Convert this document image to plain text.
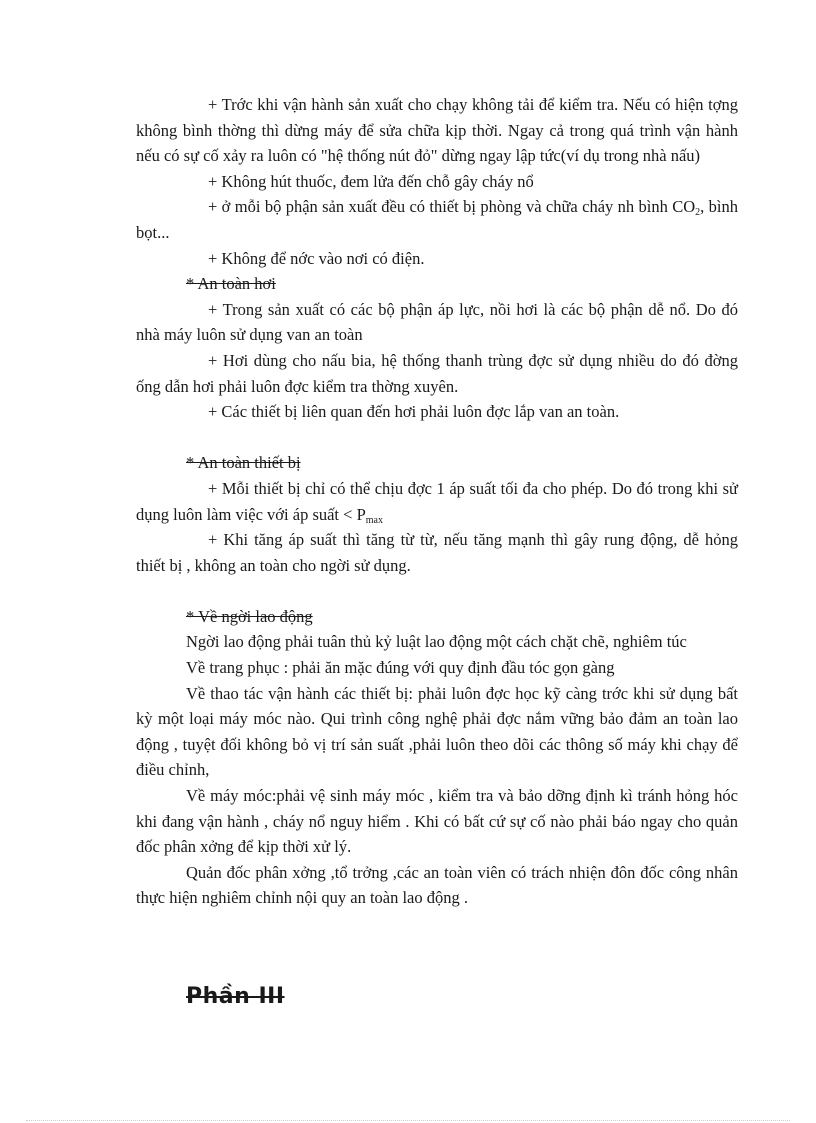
+ Trớc khi vận hành sản xuất cho chạy không tải để kiểm tra. Nếu có hiện tợng không bình thờng thì dừng máy để sửa chữa kịp thời. Ngay cả trong quá trình vận hành nếu có sự cố xảy ra luôn có "hệ thống nút đỏ" dừng ngay lập tức(ví dụ trong nhà nấu)

+ Không hút thuốc, đem lửa đến chỗ gây cháy nổ

+ ở mỗi bộ phận sản xuất đều có thiết bị phòng và chữa cháy nh bình $CO_2$, bình bọt...

+ Không để nớc vào nơi có điện.

* An toàn hơi

+ Trong sản xuất có các bộ phận áp lực, nồi hơi là các bộ phận dễ nổ. Do đó nhà máy luôn sử dụng van an toàn

+ Hơi dùng cho nấu bia, hệ thống thanh trùng đợc sử dụng nhiều do đó đờng ống dẫn hơi phải luôn đợc kiểm tra thờng xuyên.

+ Các thiết bị liên quan đến hơi phải luôn đợc lắp van an toàn.

* An toàn thiết bị

+ Mỗi thiết bị chỉ có thể chịu đợc 1 áp suất tối đa cho phép. Do đó trong khi sử dụng luôn làm việc với áp suất < $P_{max}$

+ Khi tăng áp suất thì tăng từ từ, nếu tăng mạnh thì gây rung động, dễ hỏng thiết bị , không an toàn cho ngời sử dụng.

* Về ngời lao động

Ngời lao động phải tuân thủ kỷ luật lao động một cách chặt chẽ, nghiêm túc

Về trang phục : phải ăn mặc đúng với quy định đầu tóc gọn gàng

Về thao tác vận hành các thiết bị: phải luôn đợc học kỹ càng trớc khi sử dụng bất kỳ một loại máy móc nào. Qui trình công nghệ phải đợc nắm vững bảo đảm an toàn lao động , tuyệt đối không bỏ vị trí sản suất ,phải luôn theo dõi các thông số máy khi chạy để điều chỉnh,

Về máy móc:phải vệ sinh máy móc , kiểm tra và bảo dỡng định kì tránh hỏng hóc khi đang vận hành , cháy nổ nguy hiểm . Khi có bất cứ sự cố nào phải báo ngay cho quản đốc phân xởng để kịp thời xử lý.

Quản đốc phân xởng ,tổ trởng ,các an toàn viên có trách nhiện đôn đốc công nhân thực hiện nghiêm chỉnh nội quy an toàn lao động .

Phần III
